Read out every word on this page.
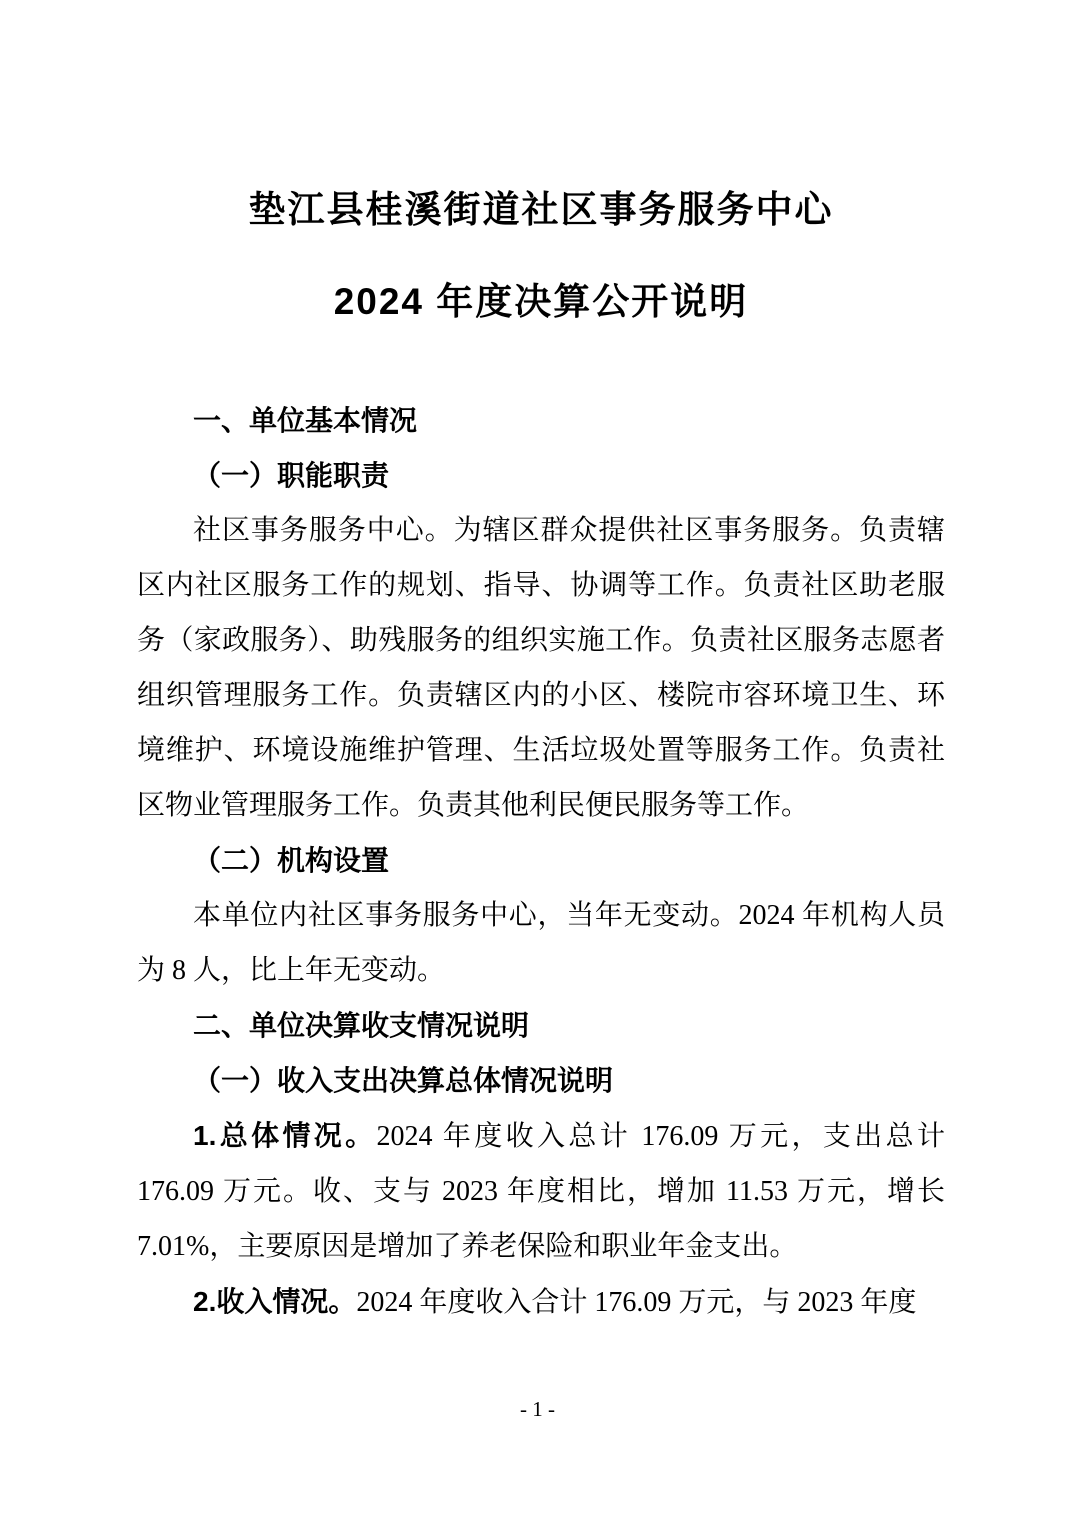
垫江县桂溪街道社区事务服务中心
2024 年度决算公开说明

一、单位基本情况

（一）职能职责

社区事务服务中心。为辖区群众提供社区事务服务。负责辖区内社区服务工作的规划、指导、协调等工作。负责社区助老服务（家政服务）、助残服务的组织实施工作。负责社区服务志愿者组织管理服务工作。负责辖区内的小区、楼院市容环境卫生、环境维护、环境设施维护管理、生活垃圾处置等服务工作。负责社区物业管理服务工作。负责其他利民便民服务等工作。

（二）机构设置

本单位内社区事务服务中心，当年无变动。2024 年机构人员为 8 人，比上年无变动。

二、单位决算收支情况说明

（一）收入支出决算总体情况说明

1.总体情况。2024 年度收入总计 176.09 万元，支出总计 176.09 万元。收、支与 2023 年度相比，增加 11.53 万元，增长 7.01%，主要原因是增加了养老保险和职业年金支出。

2.收入情况。2024 年度收入合计 176.09 万元，与 2023 年度

- 1 -
